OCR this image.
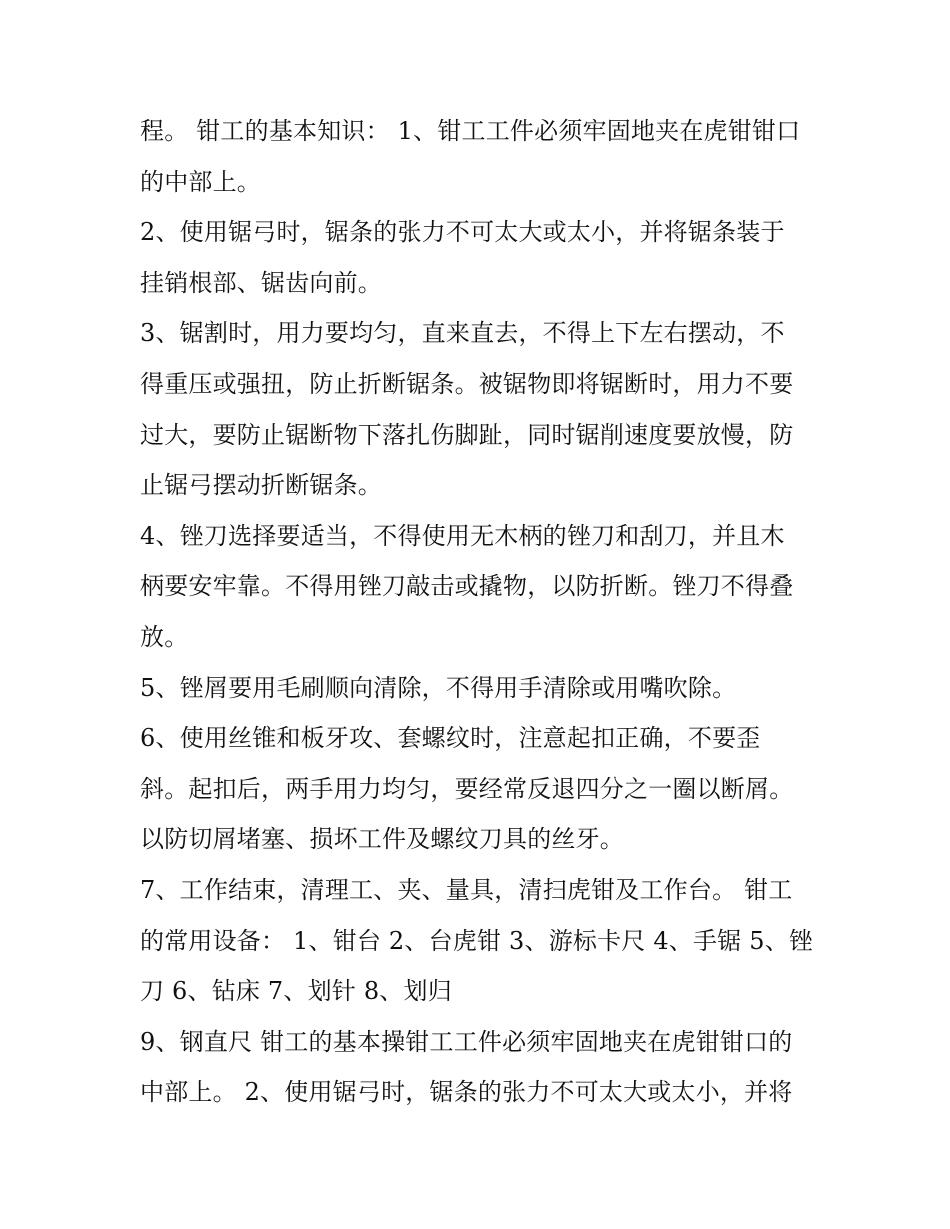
程。 钳工的基本知识： 1、钳工工件必须牢固地夹在虎钳钳口
的中部上。
2、使用锯弓时，锯条的张力不可太大或太小，并将锯条装于
挂销根部、锯齿向前。
3、锯割时，用力要均匀，直来直去，不得上下左右摆动，不
得重压或强扭，防止折断锯条。被锯物即将锯断时，用力不要
过大，要防止锯断物下落扎伤脚趾，同时锯削速度要放慢，防
止锯弓摆动折断锯条。
4、锉刀选择要适当，不得使用无木柄的锉刀和刮刀，并且木
柄要安牢靠。不得用锉刀敲击或撬物，以防折断。锉刀不得叠
放。
5、锉屑要用毛刷顺向清除，不得用手清除或用嘴吹除。
6、使用丝锥和板牙攻、套螺纹时，注意起扣正确，不要歪
斜。起扣后，两手用力均匀，要经常反退四分之一圈以断屑。
以防切屑堵塞、损坏工件及螺纹刀具的丝牙。
7、工作结束，清理工、夹、量具，清扫虎钳及工作台。 钳工
的常用设备： 1、钳台 2、台虎钳 3、游标卡尺 4、手锯 5、锉
刀 6、钻床 7、划针 8、划归
9、钢直尺 钳工的基本操钳工工件必须牢固地夹在虎钳钳口的
中部上。 2、使用锯弓时，锯条的张力不可太大或太小，并将
